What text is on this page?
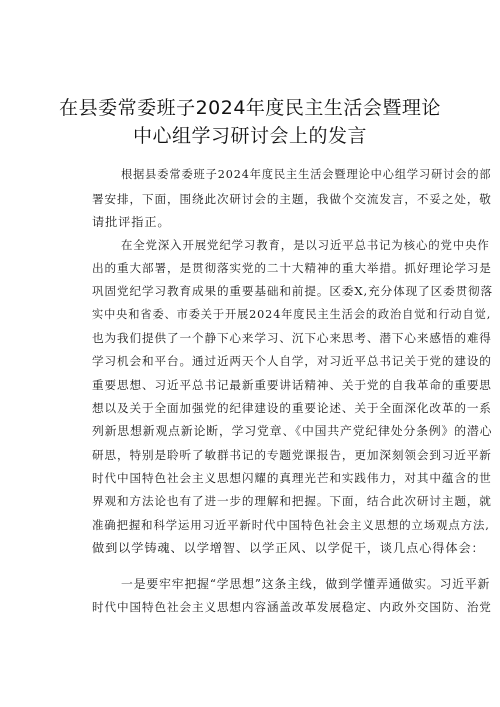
在县委常委班子2024年度民主生活会暨理论
中心组学习研讨会上的发言
根据县委常委班子2024年度民主生活会暨理论中心组学习研讨会的部
署安排，下面，围绕此次研讨会的主题，我做个交流发言，不妥之处，敬
请批评指正。
在全党深入开展党纪学习教育，是以习近平总书记为核心的党中央作
出的重大部署，是贯彻落实党的二十大精神的重大举措。抓好理论学习是
巩固党纪学习教育成果的重要基础和前提。区委X,充分体现了区委贯彻落
实中央和省委、市委关于开展2024年度民主生活会的政治自觉和行动自觉,
也为我们提供了一个静下心来学习、沉下心来思考、潜下心来感悟的难得
学习机会和平台。通过近两天个人自学，对习近平总书记关于党的建设的
重要思想、习近平总书记最新重要讲话精神、关于党的自我革命的重要思
想以及关于全面加强党的纪律建设的重要论述、关于全面深化改革的一系
列新思想新观点新论断，学习党章、《中国共产党纪律处分条例》的潜心
研思，特别是聆听了敏群书记的专题党课报告，更加深刻领会到习近平新
时代中国特色社会主义思想闪耀的真理光芒和实践伟力，对其中蕴含的世
界观和方法论也有了进一步的理解和把握。下面，结合此次研讨主题，就
准确把握和科学运用习近平新时代中国特色社会主义思想的立场观点方法,
做到以学铸魂、以学增智、以学正风、以学促干，谈几点心得体会：
一是要牢牢把握“学思想”这条主线，做到学懂弄通做实。习近平新
时代中国特色社会主义思想内容涵盖改革发展稳定、内政外交国防、治党
